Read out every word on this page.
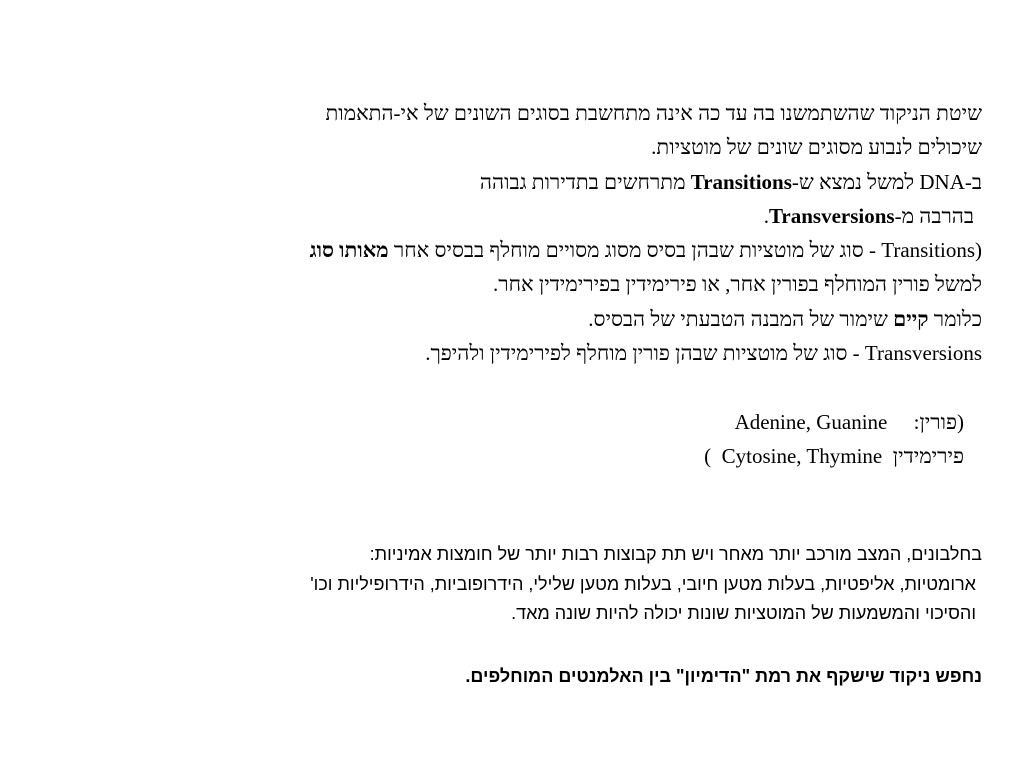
שיטת הניקוד שהשתמשנו בה עד כה אינה מתחשבת בסוגים השונים של אי-התאמות
שיכולים לנבוע מסוגים שונים של מוטציות.
ב-DNA למשל נמצא ש-Transitions מתרחשים בתדירות גבוהה
בהרבה מ-Transversions.
(Transitions - סוג של מוטציות שבהן בסיס מסוג מסויים מוחלף בבסיס אחר מאותו סוג
למשל פורין המוחלף בפורין אחר, או פירימידין בפירימידין אחר.
כלומר קיים שימור של המבנה הטבעתי של הבסיס.
Transversions - סוג של מוטציות שבהן פורין מוחלף לפירימידין ולהיפך.
(פורין:     Adenine, Guanine
פירימידין  Cytosine, Thymine  )
בחלבונים, המצב מורכב יותר מאחר ויש תת קבוצות רבות יותר של חומצות אמיניות:
ארומטיות, אליפטיות, בעלות מטען חיובי, בעלות מטען שלילי, הידרופוביות, הידרופיליות וכו'
והסיכוי והמשמעות של המוטציות שונות יכולה להיות שונה מאד.
נחפש ניקוד שישקף את רמת "הדימיון" בין האלמנטים המוחלפים.
